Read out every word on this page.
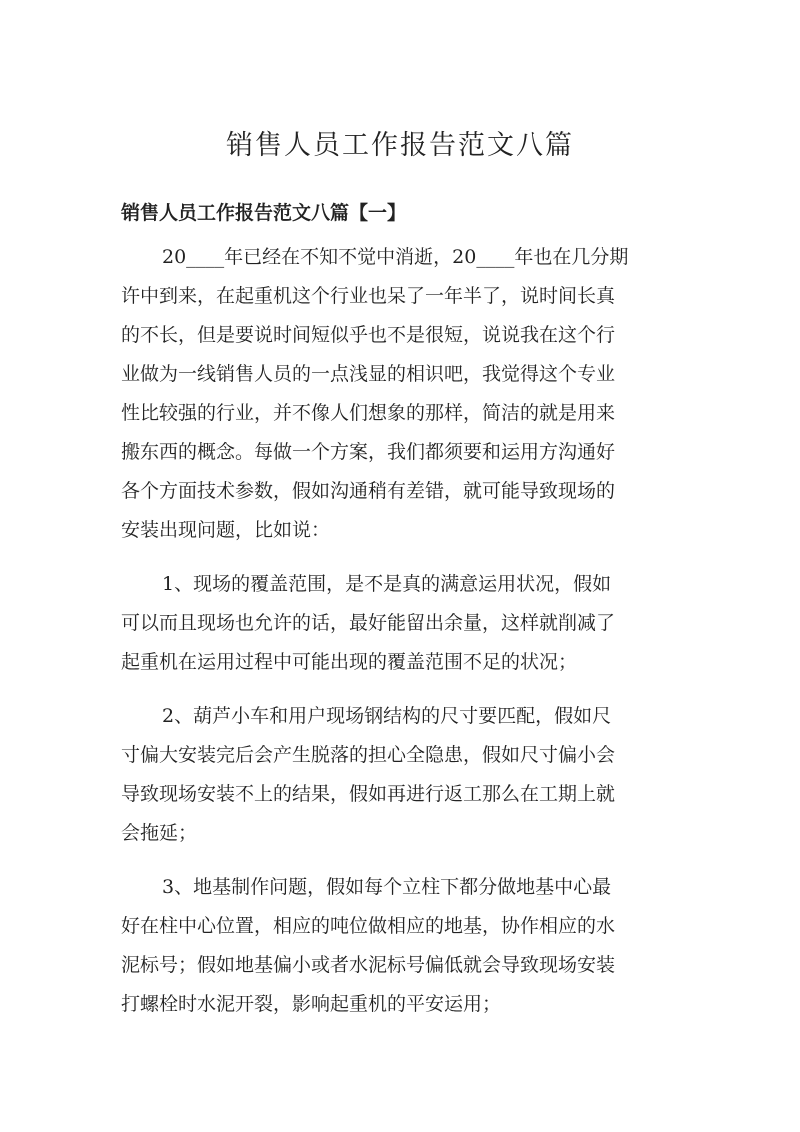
销售人员工作报告范文八篇
销售人员工作报告范文八篇【一】

20____年已经在不知不觉中消逝，20____年也在几分期
许中到来，在起重机这个行业也呆了一年半了，说时间长真
的不长，但是要说时间短似乎也不是很短，说说我在这个行
业做为一线销售人员的一点浅显的相识吧，我觉得这个专业
性比较强的行业，并不像人们想象的那样，简洁的就是用来
搬东西的概念。每做一个方案，我们都须要和运用方沟通好
各个方面技术参数，假如沟通稍有差错，就可能导致现场的
安装出现问题，比如说：

1、现场的覆盖范围，是不是真的满意运用状况，假如
可以而且现场也允许的话，最好能留出余量，这样就削减了
起重机在运用过程中可能出现的覆盖范围不足的状况；

2、葫芦小车和用户现场钢结构的尺寸要匹配，假如尺
寸偏大安装完后会产生脱落的担心全隐患，假如尺寸偏小会
导致现场安装不上的结果，假如再进行返工那么在工期上就
会拖延；

3、地基制作问题，假如每个立柱下都分做地基中心最
好在柱中心位置，相应的吨位做相应的地基，协作相应的水
泥标号；假如地基偏小或者水泥标号偏低就会导致现场安装
打螺栓时水泥开裂，影响起重机的平安运用；
